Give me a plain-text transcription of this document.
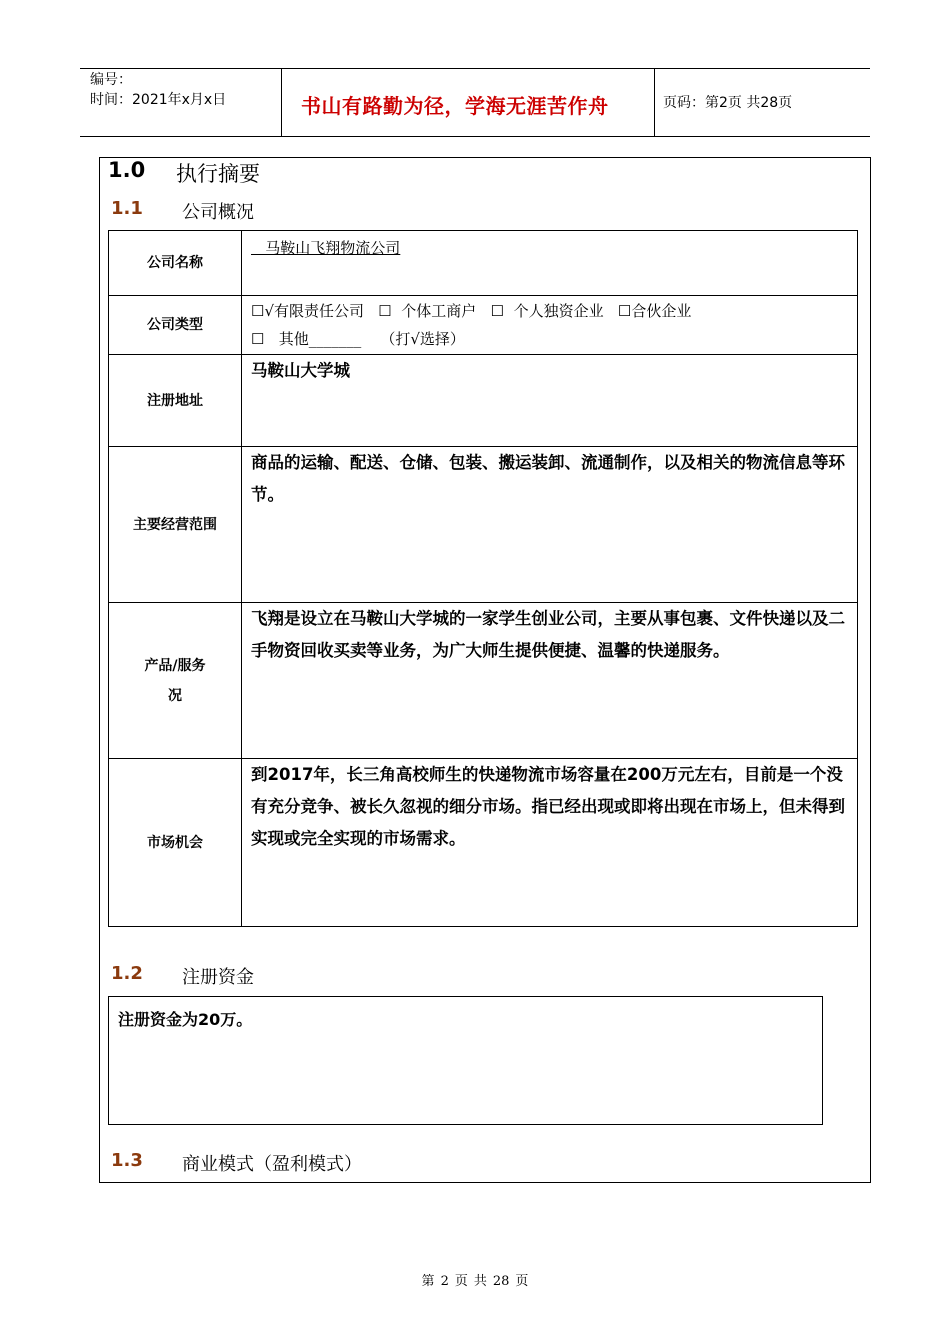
编号：
时间：2021年x月x日	书山有路勤为径，学海无涯苦作舟	页码：第2页 共28页
1.0 执行摘要
1.1 公司概况
公司名称	马鞍山飞翔物流公司
公司类型	☐√有限责任公司   ☐  个体工商户   ☐  个人独资企业   ☐合伙企业
☐   其他_______    （打√选择）

注册地址	马鞍山大学城
主要经营范围	商品的运输、配送、仓储、包装、搬运装卸、流通制作，以及相关的物流信息等环节。

产品/服务
况	飞翔是设立在马鞍山大学城的一家学生创业公司，主要从事包裹、文件快递以及二手物资回收买卖等业务，为广大师生提供便捷、温馨的快递服务。
市场机会	到2017年，长三角高校师生的快递物流市场容量在200万元左右，目前是一个没有充分竞争、被长久忽视的细分市场。指已经出现或即将出现在市场上，但未得到实现或完全实现的市场需求。
1.2 注册资金
注册资金为20万。
1.3 商业模式（盈利模式）
第 2 页 共 28 页
